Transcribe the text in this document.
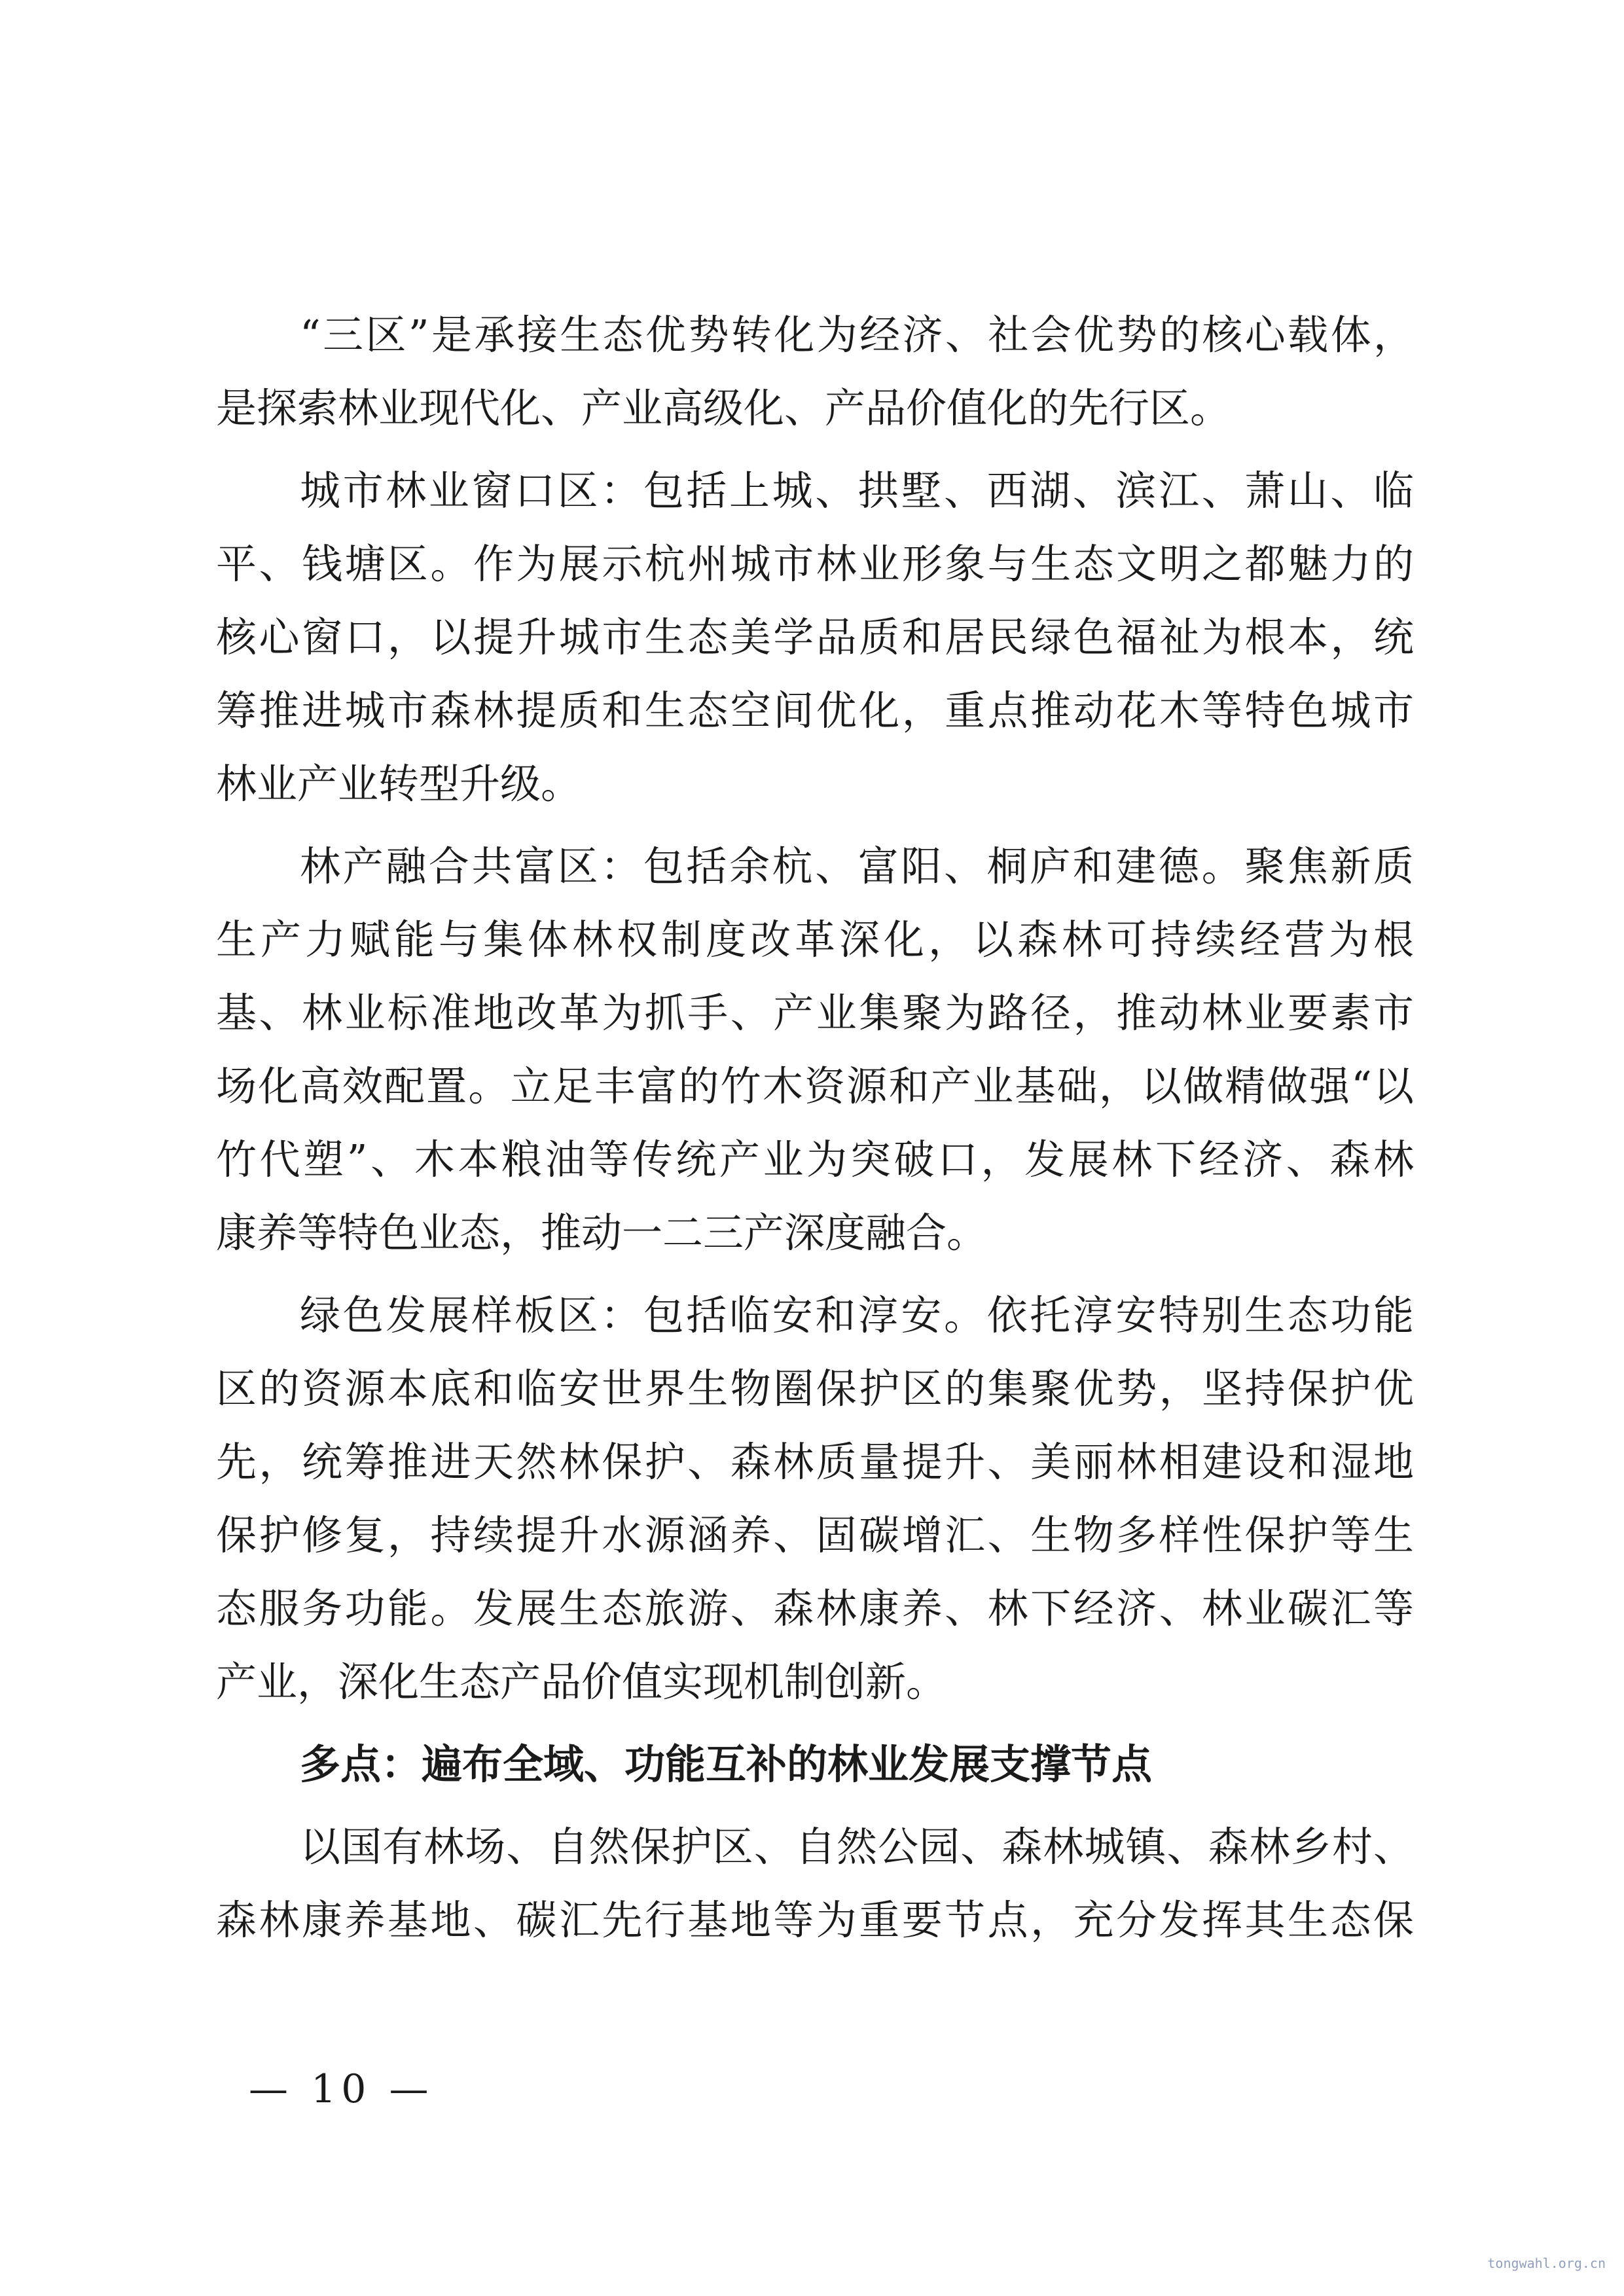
“三区”是承接生态优势转化为经济、社会优势的核心载体，
是探索林业现代化、产业高级化、产品价值化的先行区。
城市林业窗口区：包括上城、拱墅、西湖、滨江、萧山、临
平、钱塘区。作为展示杭州城市林业形象与生态文明之都魅力的
核心窗口，以提升城市生态美学品质和居民绿色福祉为根本，统
筹推进城市森林提质和生态空间优化，重点推动花木等特色城市
林业产业转型升级。
林产融合共富区：包括余杭、富阳、桐庐和建德。聚焦新质
生产力赋能与集体林权制度改革深化，以森林可持续经营为根
基、林业标准地改革为抓手、产业集聚为路径，推动林业要素市
场化高效配置。立足丰富的竹木资源和产业基础，以做精做强“以
竹代塑”、木本粮油等传统产业为突破口，发展林下经济、森林
康养等特色业态，推动一二三产深度融合。
绿色发展样板区：包括临安和淳安。依托淳安特别生态功能
区的资源本底和临安世界生物圈保护区的集聚优势，坚持保护优
先，统筹推进天然林保护、森林质量提升、美丽林相建设和湿地
保护修复，持续提升水源涵养、固碳增汇、生物多样性保护等生
态服务功能。发展生态旅游、森林康养、林下经济、林业碳汇等
产业，深化生态产品价值实现机制创新。
多点：遍布全域、功能互补的林业发展支撑节点
以国有林场、自然保护区、自然公园、森林城镇、森林乡村、
森林康养基地、碳汇先行基地等为重要节点，充分发挥其生态保
— 10 —
tongwahl.org.cn
